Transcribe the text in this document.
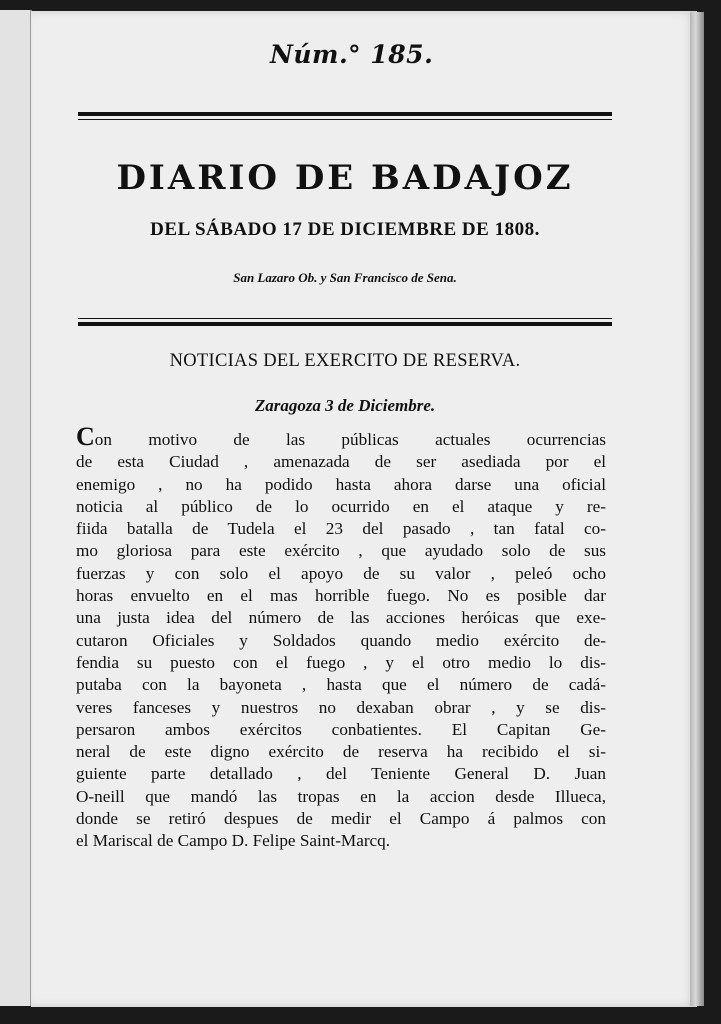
Núm.° 185.
DIARIO DE BADAJOZ
DEL SÁBADO 17 DE DICIEMBRE DE 1808.
San Lazaro Ob. y San Francisco de Sena.
NOTICIAS DEL EXERCITO DE RESERVA.
Zaragoza 3 de Diciembre.
Con motivo de las públicas actuales ocurrencias
de esta Ciudad , amenazada de ser asediada por el
enemigo , no ha podido hasta ahora darse una oficial
noticia al público de lo ocurrido en el ataque y re-
fiida batalla de Tudela el 23 del pasado , tan fatal co-
mo gloriosa para este exército , que ayudado solo de sus
fuerzas y con solo el apoyo de su valor , peleó ocho
horas envuelto en el mas horrible fuego. No es posible dar
una justa idea del número de las acciones heróicas que exe-
cutaron Oficiales y Soldados quando medio exército de-
fendia su puesto con el fuego , y el otro medio lo dis-
putaba con la bayoneta , hasta que el número de cadá-
veres fanceses y nuestros no dexaban obrar , y se dis-
persaron ambos exércitos conbatientes. El Capitan Ge-
neral de este digno exército de reserva ha recibido el si-
guiente parte detallado , del Teniente General D. Juan
O-neill que mandó las tropas en la accion desde Illueca,
donde se retiró despues de medir el Campo á palmos con
el Mariscal de Campo D. Felipe Saint-Marcq.
